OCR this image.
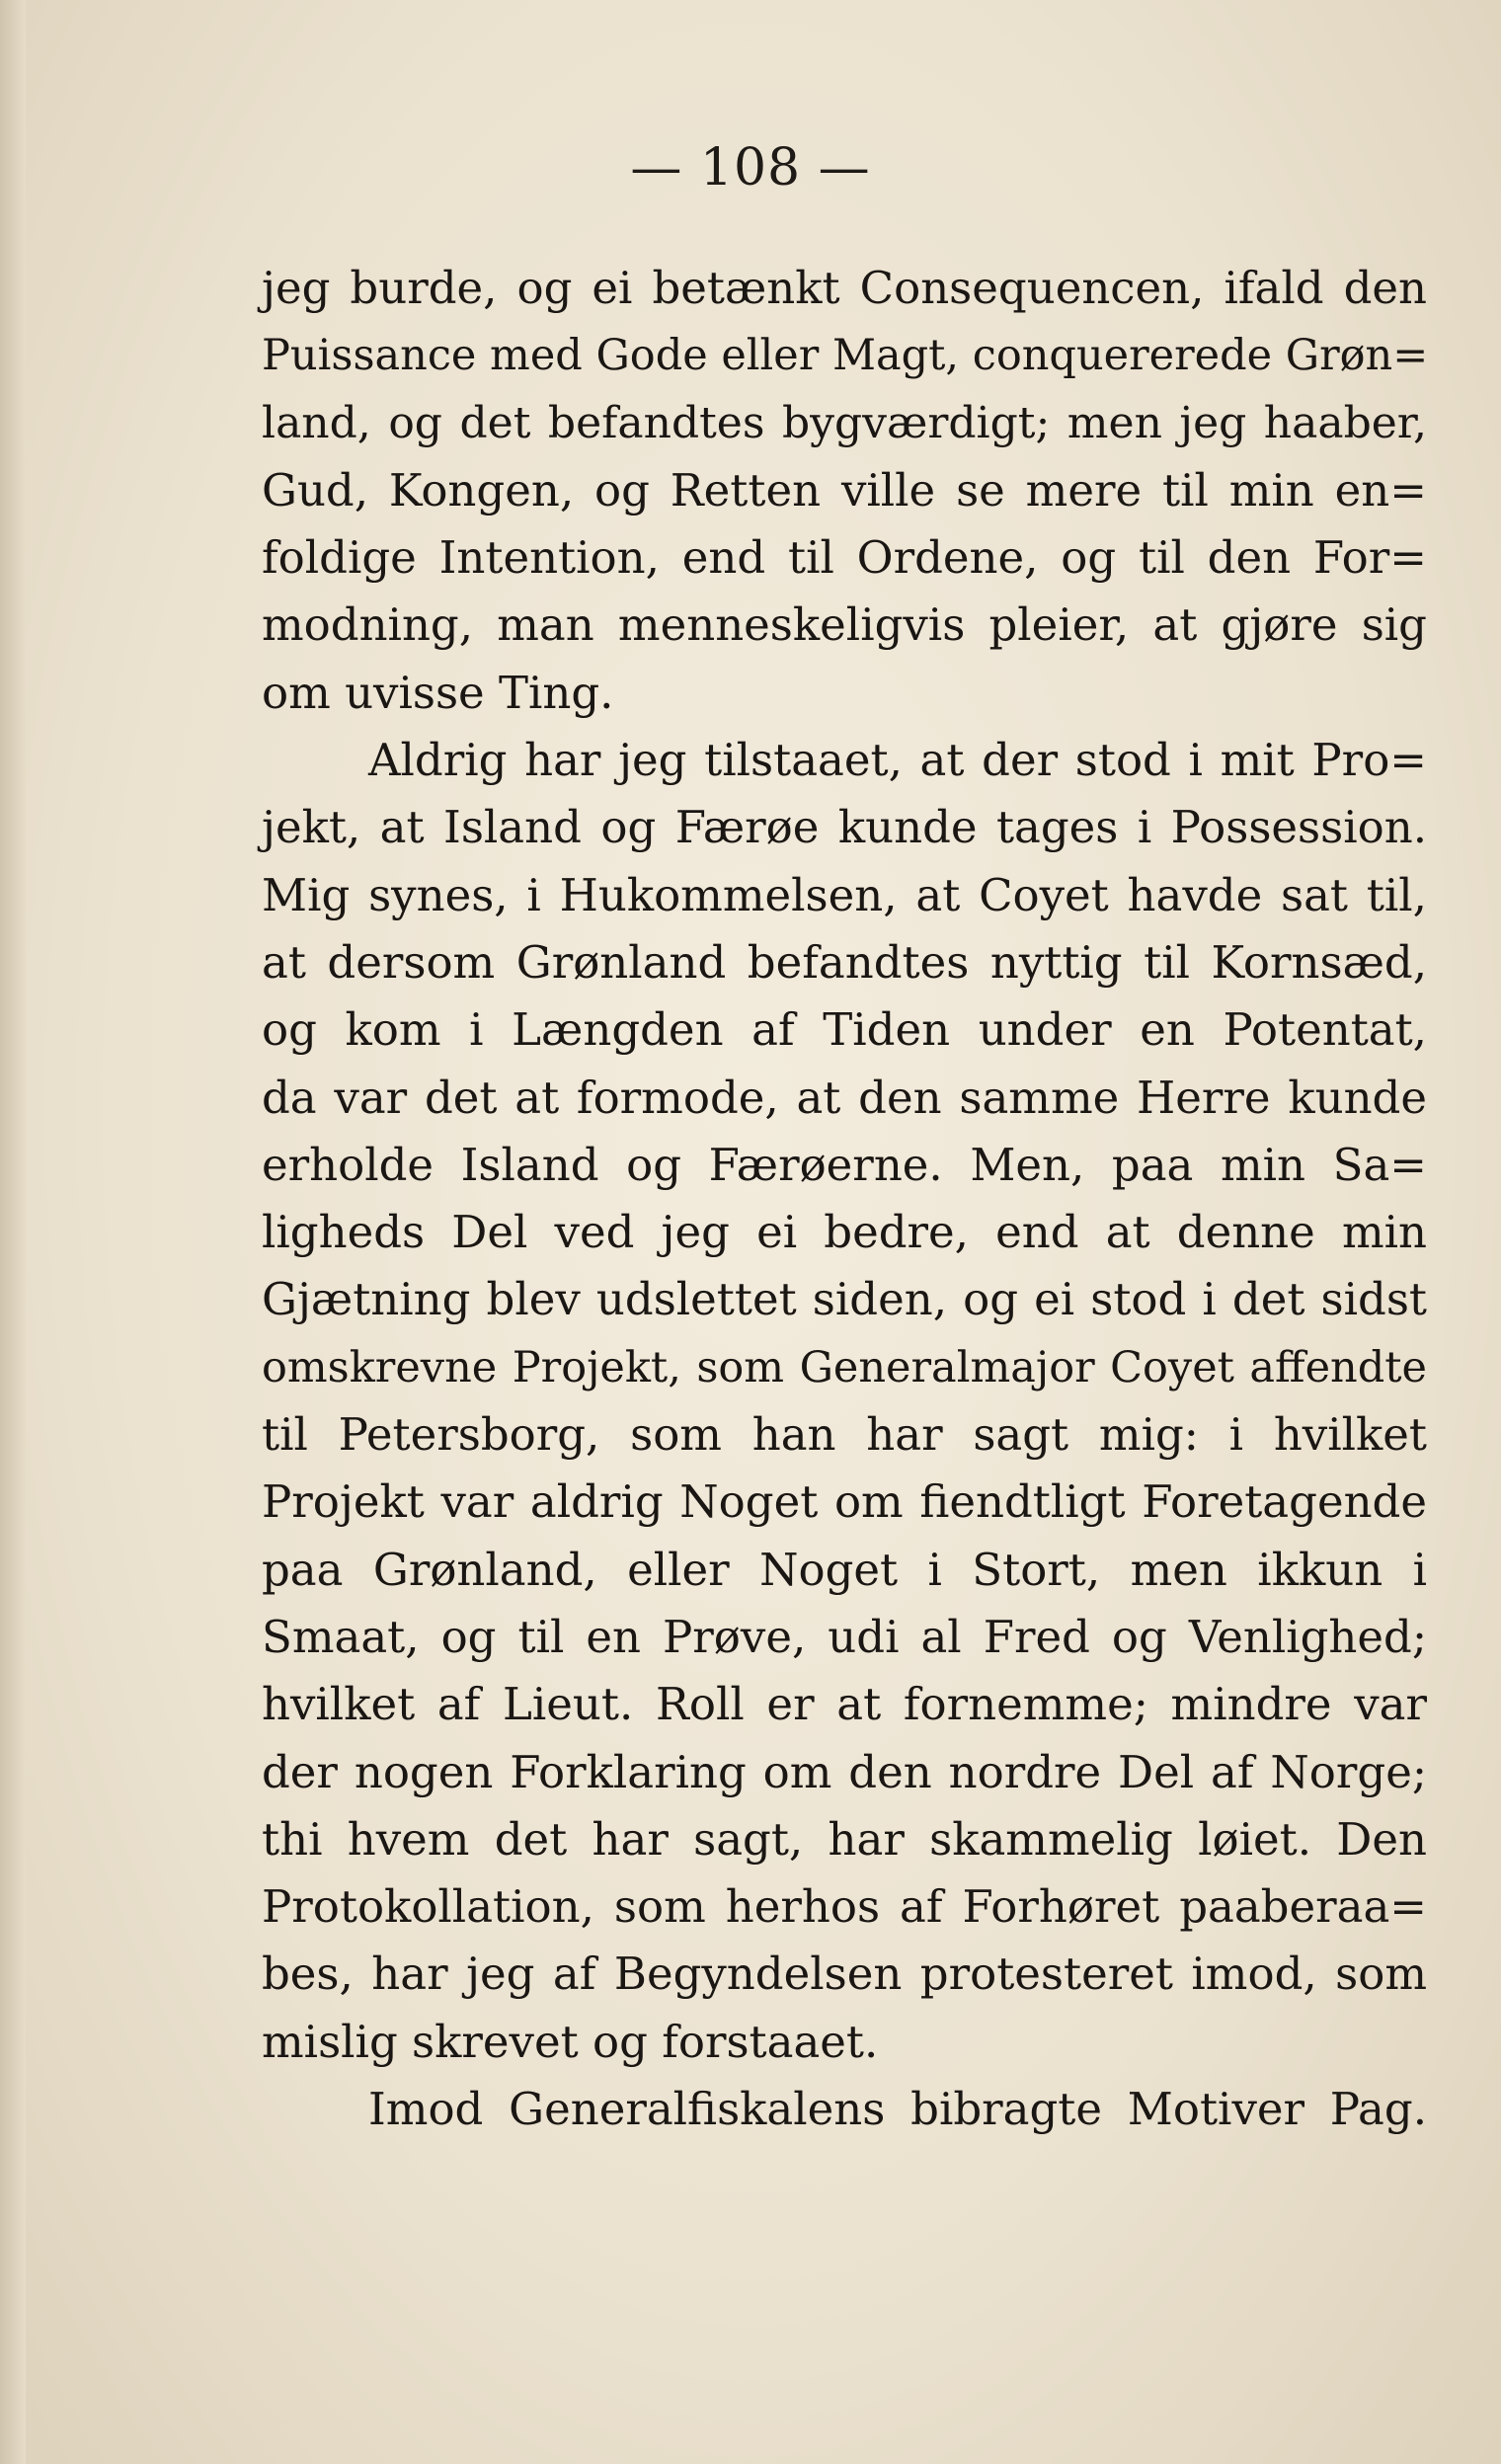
— 108 —
jeg burde, og ei betænkt Consequencen, ifald den
Puissance med Gode eller Magt, conquererede Grøn=
land, og det befandtes bygværdigt; men jeg haaber,
Gud, Kongen, og Retten ville se mere til min en=
foldige Intention, end til Ordene, og til den For=
modning, man menneskeligvis pleier, at gjøre sig
om uvisse Ting.
Aldrig har jeg tilstaaet, at der stod i mit Pro=
jekt, at Island og Færøe kunde tages i Possession.
Mig synes, i Hukommelsen, at Coyet havde sat til,
at dersom Grønland befandtes nyttig til Kornsæd,
og kom i Længden af Tiden under en Potentat,
da var det at formode, at den samme Herre kunde
erholde Island og Færøerne. Men, paa min Sa=
ligheds Del ved jeg ei bedre, end at denne min
Gjætning blev udslettet siden, og ei stod i det sidst
omskrevne Projekt, som Generalmajor Coyet affendte
til Petersborg, som han har sagt mig: i hvilket
Projekt var aldrig Noget om fiendtligt Foretagende
paa Grønland, eller Noget i Stort, men ikkun i
Smaat, og til en Prøve, udi al Fred og Venlighed;
hvilket af Lieut. Roll er at fornemme; mindre var
der nogen Forklaring om den nordre Del af Norge;
thi hvem det har sagt, har skammelig løiet. Den
Protokollation, som herhos af Forhøret paaberaa=
bes, har jeg af Begyndelsen protesteret imod, som
mislig skrevet og forstaaet.
Imod Generalfiskalens bibragte Motiver Pag.
